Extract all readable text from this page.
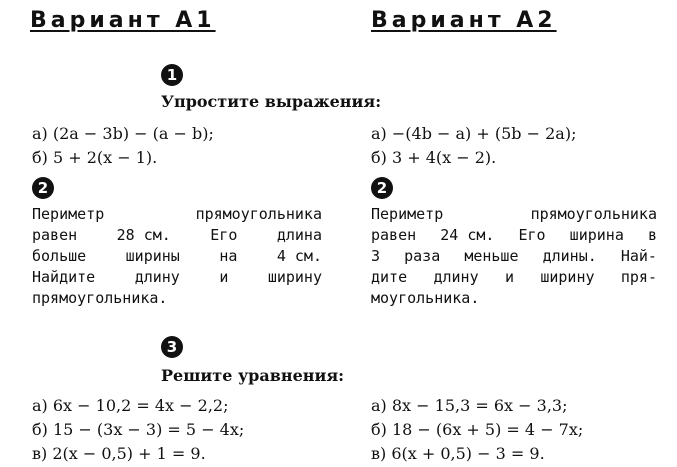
Вариант А1	Вариант А2
1
Упростите выражения:
а) (2a − 3b) − (a − b);
б) 5 + 2(x − 1).
а) −(4b − a) + (5b − 2a);
б) 3 + 4(x − 2).
2	2
Периметр	прямоугольника
равен	28 см.	Его	длина
больше	ширины	на	4 см.
Найдите	длину	и	ширину
прямоугольника.
Периметр	прямоугольника
равен 24 см. Его ширина в
3 раза меньше длины. Най-
дите длину и ширину пря-
моугольника.
3
Решите уравнения:
а) 6x − 10,2 = 4x − 2,2;
б) 15 − (3x − 3) = 5 − 4x;
в) 2(x − 0,5) + 1 = 9.
а) 8x − 15,3 = 6x − 3,3;
б) 18 − (6x + 5) = 4 − 7x;
в) 6(x + 0,5) − 3 = 9.
